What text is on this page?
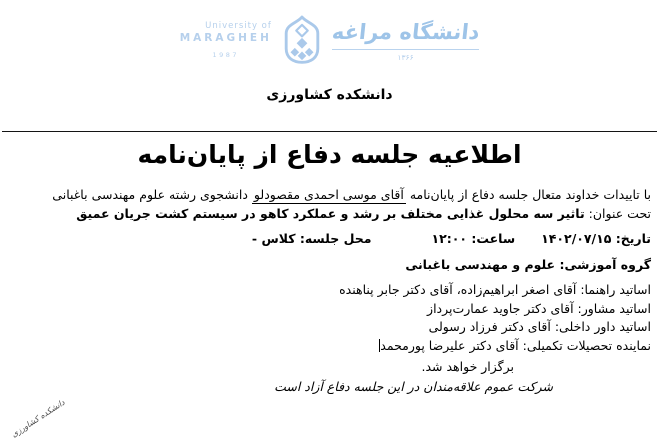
University of
MARAGHEH
1987
دانشگاه مراغه
۱۳۶۶
دانشکده کشاورزی
اطلاعیه جلسه دفاع از پایان‌نامه
با تاییدات خداوند متعال جلسه دفاع از پایان‌نامه آقای موسی احمدی مقصودلو دانشجوی رشته علوم مهندسی باغبانی
تحت عنوان: تاثیر سه محلول غذایی مختلف بر رشد و عملکرد کاهو در سیستم کشت جریان عمیق
تاریخ: ۱۴۰۲/۰۷/۱۵ساعت: ۱۲:۰۰محل جلسه: کلاس -
گروه آموزشی: علوم و مهندسی باغبانی
اساتید راهنما: آقای اصغر ابراهیم‌زاده، آقای دکتر جابر پناهنده
اساتید مشاور: آقای دکتر جاوید عمارت‌پرداز
اساتید داور داخلی: آقای دکتر فرزاد رسولی
نماینده تحصیلات تکمیلی: آقای دکتر علیرضا پورمحمد
برگزار خواهد شد.
شرکت عموم علاقه‌مندان در این جلسه دفاع آزاد است
دانشکده کشاورزی
